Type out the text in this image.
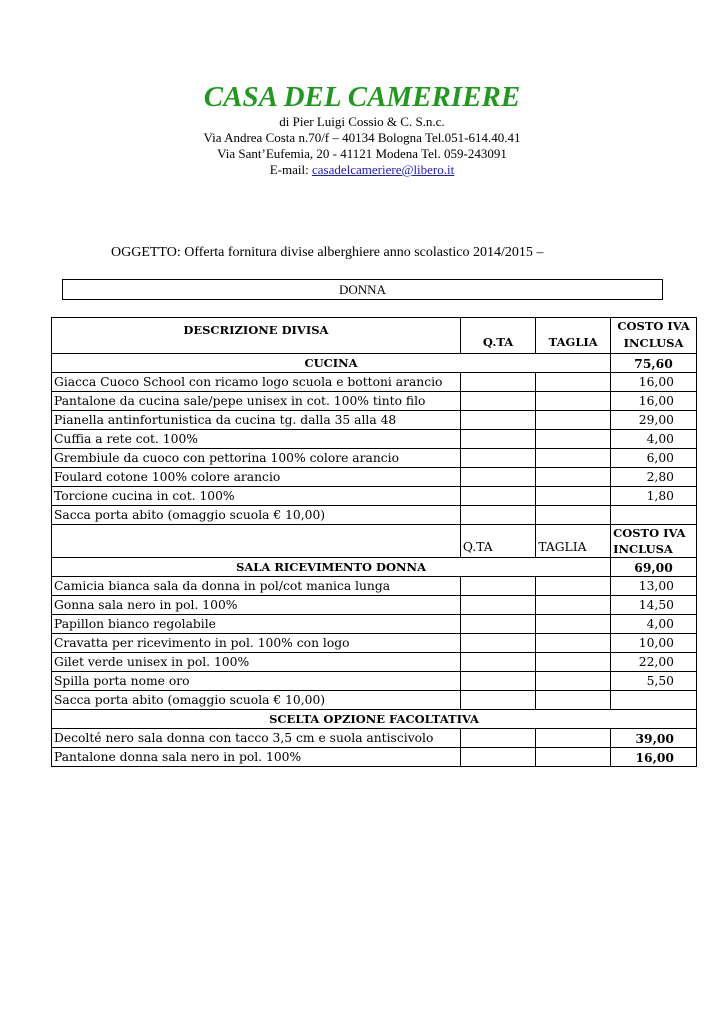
CASA DEL CAMERIERE
di Pier Luigi Cossio & C. S.n.c.
Via Andrea Costa n.70/f – 40134 Bologna Tel.051-614.40.41
Via Sant’Eufemia, 20 - 41121 Modena Tel. 059-243091
E-mail: casadelcameriere@libero.it
OGGETTO: Offerta fornitura divise alberghiere anno scolastico 2014/2015 –
DONNA
DESCRIZIONE DIVISA	Q.TA	TAGLIA	COSTO IVA
INCLUSA
CUCINA			75,60
Giacca Cuoco School con ricamo logo scuola e bottoni arancio			16,00
Pantalone da cucina sale/pepe unisex in cot. 100% tinto filo			16,00
Pianella antinfortunistica da cucina tg. dalla 35 alla 48			29,00
Cuffia a rete cot. 100%			4,00
Grembiule da cuoco con pettorina 100% colore arancio			6,00
Foulard cotone 100% colore arancio			2,80
Torcione cucina in cot. 100%			1,80
Sacca porta abito (omaggio scuola € 10,00)			
	Q.TA	TAGLIA	COSTO IVA
INCLUSA
SALA RICEVIMENTO DONNA			69,00
Camicia bianca sala da donna in pol/cot manica lunga			13,00
Gonna sala nero in pol. 100%			14,50
Papillon bianco regolabile			4,00
Cravatta per ricevimento in pol. 100% con logo			10,00
Gilet verde unisex in pol. 100%			22,00
Spilla porta nome oro			5,50
Sacca porta abito (omaggio scuola € 10,00)			
SCELTA OPZIONE FACOLTATIVA			
Decolté nero sala donna con tacco 3,5 cm e suola antiscivolo			39,00
Pantalone donna sala nero in pol. 100%			16,00
